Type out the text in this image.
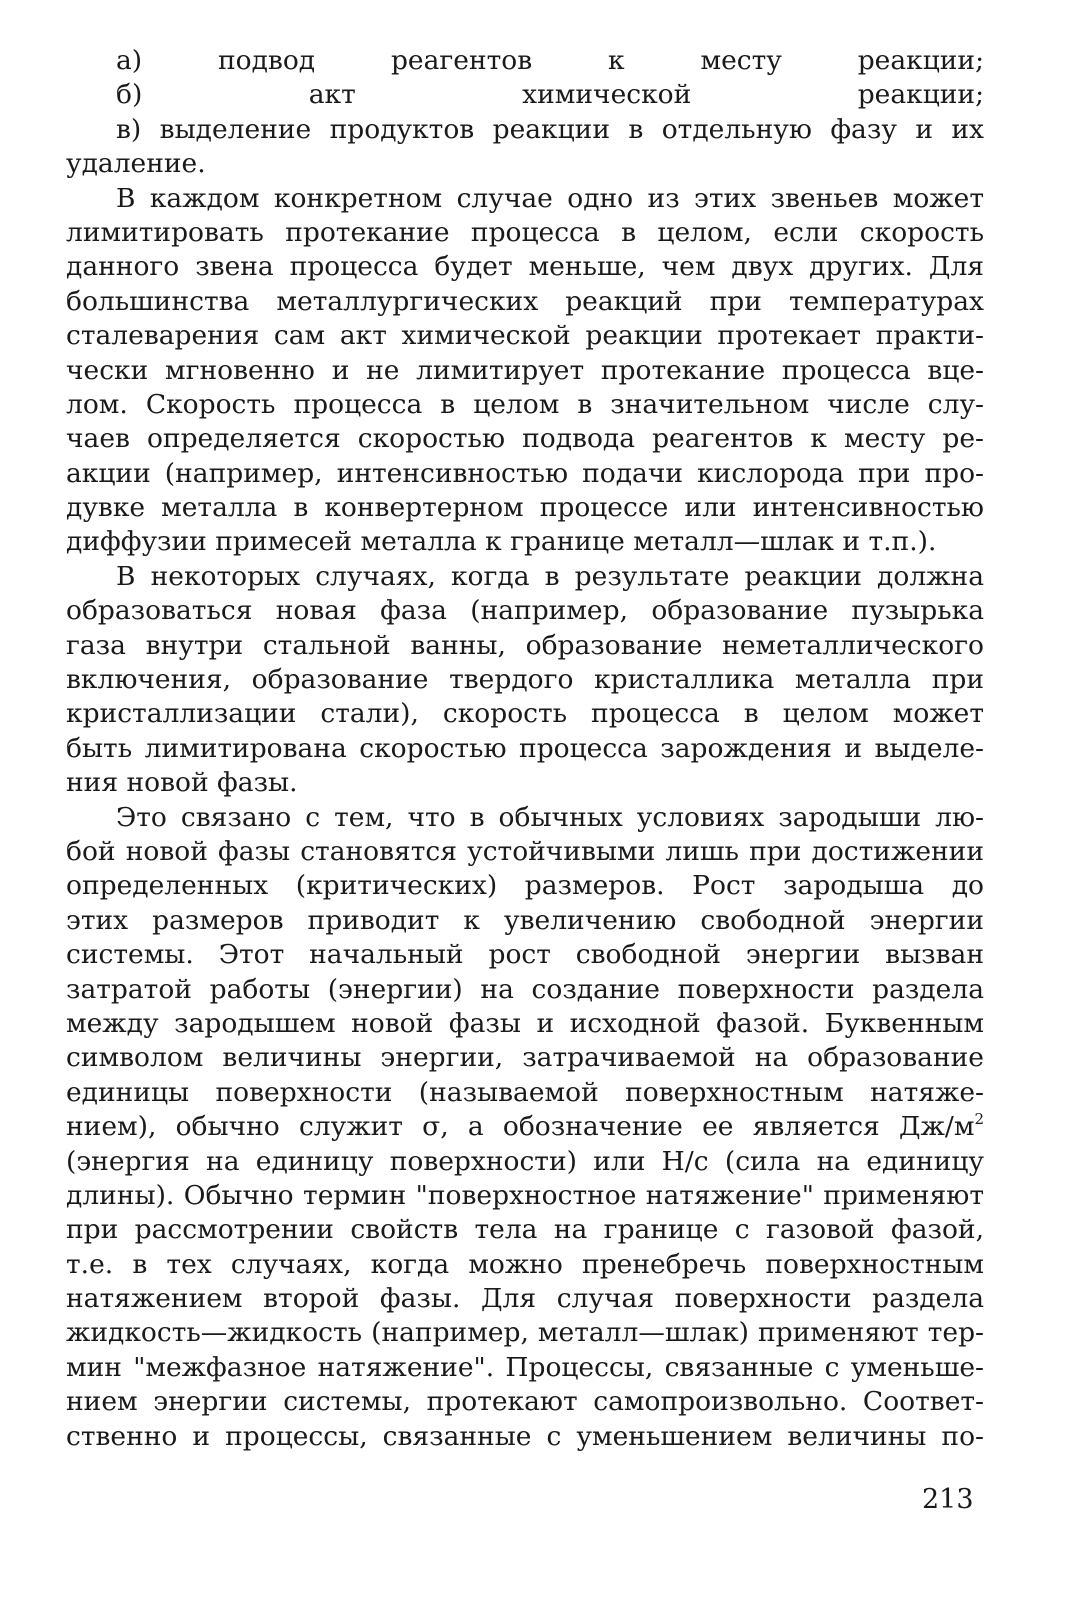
а) подвод реагентов к месту реакции;
б) акт химической реакции;
в) выделение продуктов реакции в отдельную фазу и их
удаление.
В каждом конкретном случае одно из этих звеньев может
лимитировать протекание процесса в целом, если скорость
данного звена процесса будет меньше, чем двух других. Для
большинства металлургических реакций при температурах
сталеварения сам акт химической реакции протекает практи-
чески мгновенно и не лимитирует протекание процесса вце-
лом. Скорость процесса в целом в значительном числе слу-
чаев определяется скоростью подвода реагентов к месту ре-
акции (например, интенсивностью подачи кислорода при про-
дувке металла в конвертерном процессе или интенсивностью
диффузии примесей металла к границе металл—шлак и т.п.).
В некоторых случаях, когда в результате реакции должна
образоваться новая фаза (например, образование пузырька
газа внутри стальной ванны, образование неметаллического
включения, образование твердого кристаллика металла при
кристаллизации стали), скорость процесса в целом может
быть лимитирована скоростью процесса зарождения и выделе-
ния новой фазы.
Это связано с тем, что в обычных условиях зародыши лю-
бой новой фазы становятся устойчивыми лишь при достижении
определенных (критических) размеров. Рост зародыша до
этих размеров приводит к увеличению свободной энергии
системы. Этот начальный рост свободной энергии вызван
затратой работы (энергии) на создание поверхности раздела
между зародышем новой фазы и исходной фазой. Буквенным
символом величины энергии, затрачиваемой на образование
единицы поверхности (называемой поверхностным натяже-
нием), обычно служит σ, а обозначение ее является $Дж/м^2$
(энергия на единицу поверхности) или Н/с (сила на единицу
длины). Обычно термин "поверхностное натяжение" применяют
при рассмотрении свойств тела на границе с газовой фазой,
т.е. в тех случаях, когда можно пренебречь поверхностным
натяжением второй фазы. Для случая поверхности раздела
жидкость—жидкость (например, металл—шлак) применяют тер-
мин "межфазное натяжение". Процессы, связанные с уменьше-
нием энергии системы, протекают самопроизвольно. Соответ-
ственно и процессы, связанные с уменьшением величины по-
213
